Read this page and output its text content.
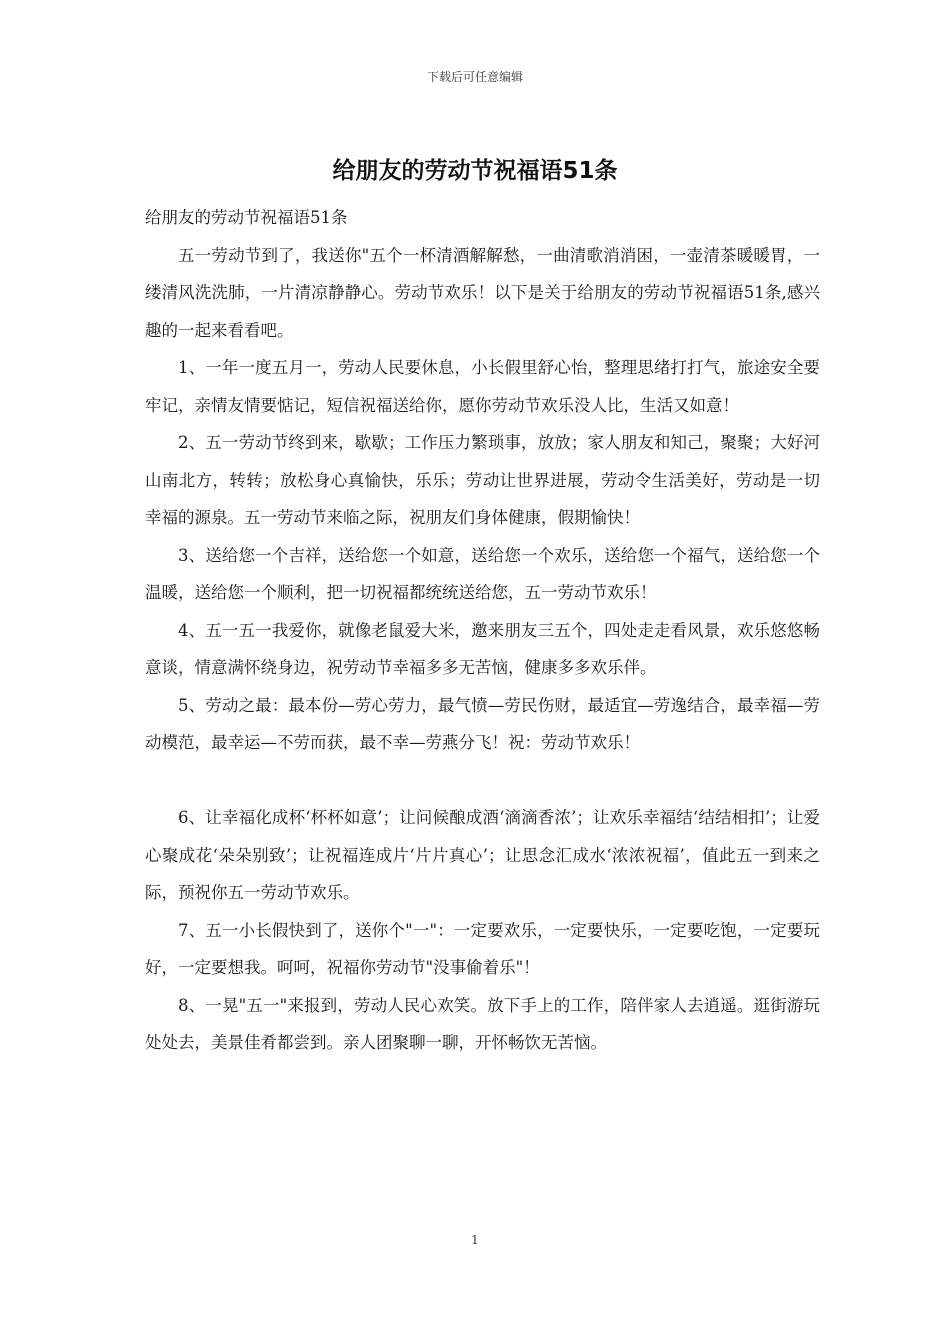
下载后可任意编辑
给朋友的劳动节祝福语51条

给朋友的劳动节祝福语51条

五一劳动节到了，我送你"五个一杯清酒解解愁，一曲清歌消消困，一壶清茶暖暖胃，一缕清风洗洗肺，一片清凉静静心。劳动节欢乐！以下是关于给朋友的劳动节祝福语51条,感兴趣的一起来看看吧。

1、一年一度五月一，劳动人民要休息，小长假里舒心怡，整理思绪打打气，旅途安全要牢记，亲情友情要惦记，短信祝福送给你，愿你劳动节欢乐没人比，生活又如意！

2、五一劳动节终到来，歇歇；工作压力繁琐事，放放；家人朋友和知己，聚聚；大好河山南北方，转转；放松身心真愉快，乐乐；劳动让世界进展，劳动令生活美好，劳动是一切幸福的源泉。五一劳动节来临之际，祝朋友们身体健康，假期愉快！

3、送给您一个吉祥，送给您一个如意，送给您一个欢乐，送给您一个福气，送给您一个温暖，送给您一个顺利，把一切祝福都统统送给您，五一劳动节欢乐！

4、五一五一我爱你，就像老鼠爱大米，邀来朋友三五个，四处走走看风景，欢乐悠悠畅意谈，情意满怀绕身边，祝劳动节幸福多多无苦恼，健康多多欢乐伴。

5、劳动之最：最本份—劳心劳力，最气愤—劳民伤财，最适宜—劳逸结合，最幸福—劳动模范，最幸运—不劳而获，最不幸—劳燕分飞！祝：劳动节欢乐！

6、让幸福化成杯‘杯杯如意’；让问候酿成酒‘滴滴香浓’；让欢乐幸福结‘结结相扣’；让爱心聚成花‘朵朵别致’；让祝福连成片‘片片真心’；让思念汇成水‘浓浓祝福’，值此五一到来之际，预祝你五一劳动节欢乐。

7、五一小长假快到了，送你个"一"：一定要欢乐，一定要快乐，一定要吃饱，一定要玩好，一定要想我。呵呵，祝福你劳动节"没事偷着乐"！

8、一晃"五一"来报到，劳动人民心欢笑。放下手上的工作，陪伴家人去逍遥。逛街游玩处处去，美景佳肴都尝到。亲人团聚聊一聊，开怀畅饮无苦恼。

1
